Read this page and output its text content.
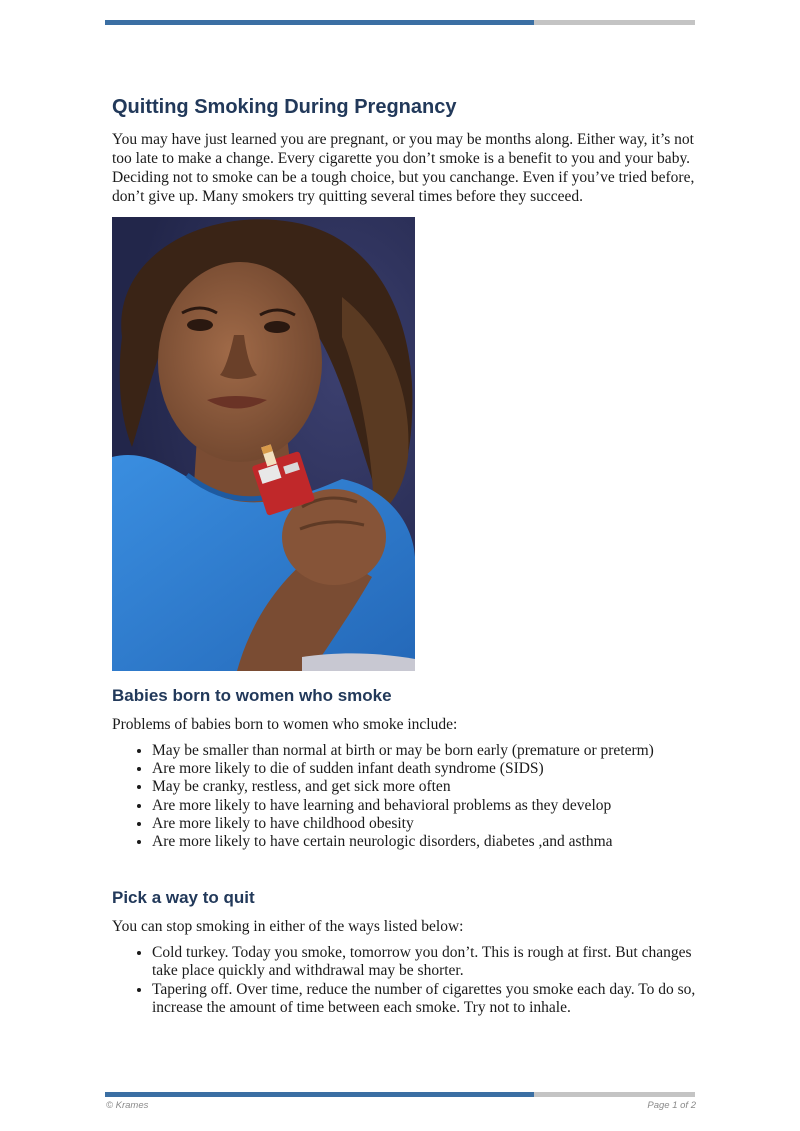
Quitting Smoking During Pregnancy

You may have just learned you are pregnant, or you may be months along. Either way, it’s not too late to make a change. Every cigarette you don’t smoke is a benefit to you and your baby. Deciding not to smoke can be a tough choice, but you canchange. Even if you’ve tried before, don’t give up. Many smokers try quitting several times before they succeed.

Babies born to women who smoke

Problems of babies born to women who smoke include:

• May be smaller than normal at birth or may be born early (premature or preterm)
• Are more likely to die of sudden infant death syndrome (SIDS)
• May be cranky, restless, and get sick more often
• Are more likely to have learning and behavioral problems as they develop
• Are more likely to have childhood obesity
• Are more likely to have certain neurologic disorders, diabetes ,and asthma
Pick a way to quit

You can stop smoking in either of the ways listed below:

• Cold turkey. Today you smoke, tomorrow you don’t. This is rough at first. But changes take place quickly and withdrawal may be shorter.
• Tapering off. Over time, reduce the number of cigarettes you smoke each day. To do so, increase the amount of time between each smoke. Try not to inhale.
© Krames	Page 1 of 2
